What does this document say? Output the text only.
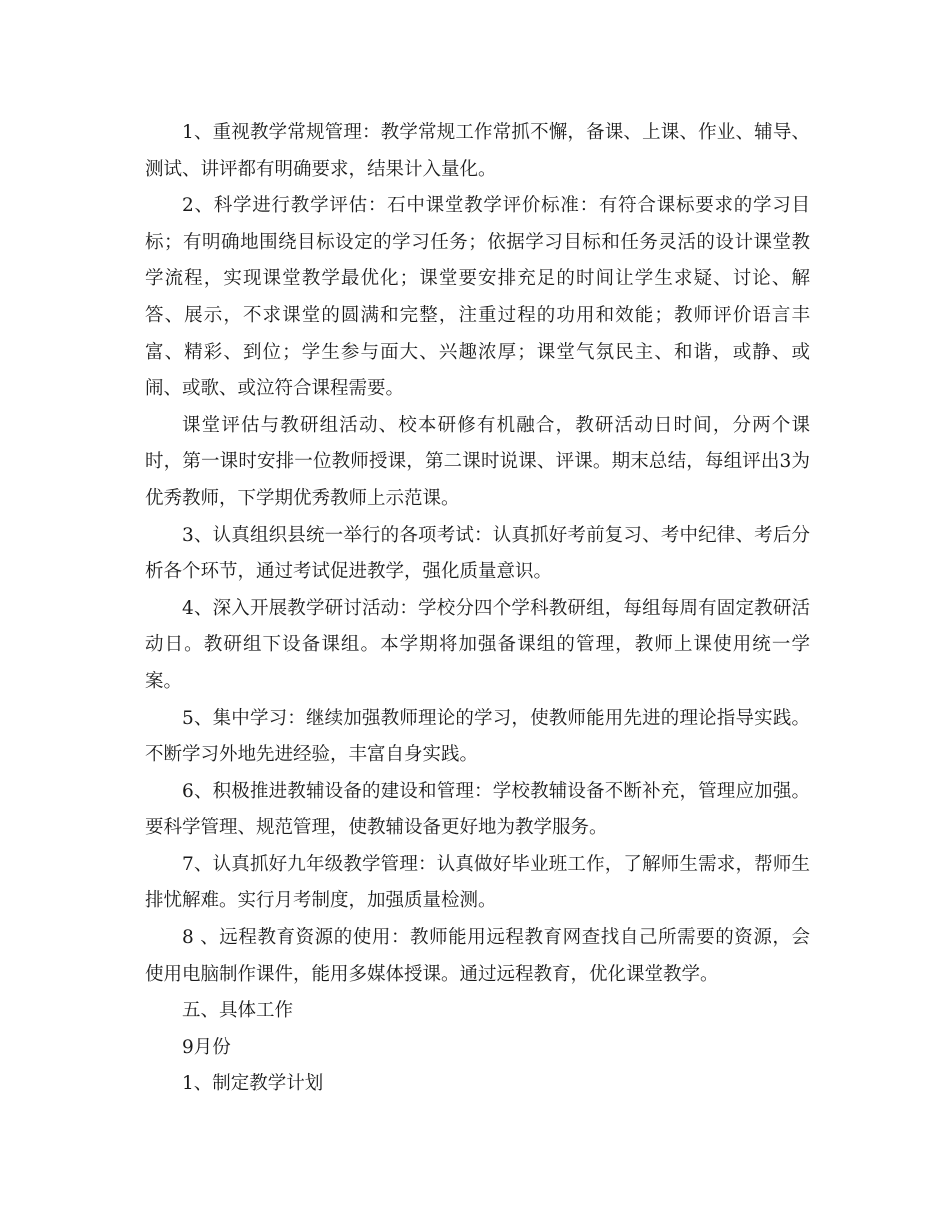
1、重视教学常规管理：教学常规工作常抓不懈，备课、上课、作业、辅导、测试、讲评都有明确要求，结果计入量化。

2、科学进行教学评估：石中课堂教学评价标准：有符合课标要求的学习目标；有明确地围绕目标设定的学习任务；依据学习目标和任务灵活的设计课堂教学流程，实现课堂教学最优化；课堂要安排充足的时间让学生求疑、讨论、解答、展示，不求课堂的圆满和完整，注重过程的功用和效能；教师评价语言丰富、精彩、到位；学生参与面大、兴趣浓厚；课堂气氛民主、和谐，或静、或闹、或歌、或泣符合课程需要。

课堂评估与教研组活动、校本研修有机融合，教研活动日时间，分两个课时，第一课时安排一位教师授课，第二课时说课、评课。期末总结，每组评出3为优秀教师，下学期优秀教师上示范课。

3、认真组织县统一举行的各项考试：认真抓好考前复习、考中纪律、考后分析各个环节，通过考试促进教学，强化质量意识。

4、深入开展教学研讨活动：学校分四个学科教研组，每组每周有固定教研活动日。教研组下设备课组。本学期将加强备课组的管理，教师上课使用统一学案。

5、集中学习：继续加强教师理论的学习，使教师能用先进的理论指导实践。不断学习外地先进经验，丰富自身实践。

6、积极推进教辅设备的建设和管理：学校教辅设备不断补充，管理应加强。要科学管理、规范管理，使教辅设备更好地为教学服务。

7、认真抓好九年级教学管理：认真做好毕业班工作，了解师生需求，帮师生排忧解难。实行月考制度，加强质量检测。

8 、远程教育资源的使用：教师能用远程教育网查找自己所需要的资源，会使用电脑制作课件，能用多媒体授课。通过远程教育，优化课堂教学。

五、具体工作

9月份

1、制定教学计划
